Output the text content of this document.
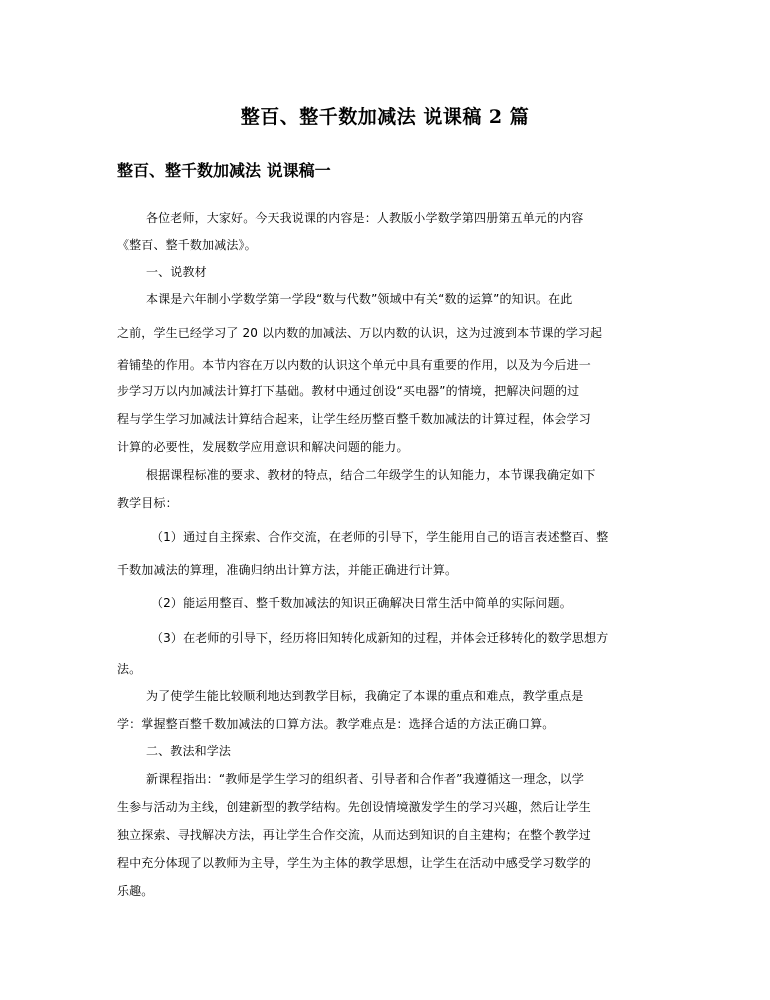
整百、整千数加减法 说课稿 2 篇
整百、整千数加减法 说课稿一
各位老师，大家好。今天我说课的内容是：人教版小学数学第四册第五单元的内容
《整百、整千数加减法》。
一、说教材
本课是六年制小学数学第一学段“数与代数”领域中有关“数的运算”的知识。在此
之前，学生已经学习了 20 以内数的加减法、万以内数的认识，这为过渡到本节课的学习起
着铺垫的作用。本节内容在万以内数的认识这个单元中具有重要的作用，以及为今后进一
步学习万以内加减法计算打下基础。教材中通过创设“买电器”的情境，把解决问题的过
程与学生学习加减法计算结合起来，让学生经历整百整千数加减法的计算过程，体会学习
计算的必要性，发展数学应用意识和解决问题的能力。
根据课程标准的要求、教材的特点，结合二年级学生的认知能力，本节课我确定如下
教学目标：
（1）通过自主探索、合作交流，在老师的引导下，学生能用自己的语言表述整百、整
千数加减法的算理，准确归纳出计算方法，并能正确进行计算。
（2）能运用整百、整千数加减法的知识正确解决日常生活中简单的实际问题。
（3）在老师的引导下，经历将旧知转化成新知的过程，并体会迁移转化的数学思想方
法。
为了使学生能比较顺利地达到教学目标，我确定了本课的重点和难点，教学重点是
学：掌握整百整千数加减法的口算方法。教学难点是：选择合适的方法正确口算。
二、教法和学法
新课程指出：“教师是学生学习的组织者、引导者和合作者”我遵循这一理念，以学
生参与活动为主线，创建新型的教学结构。先创设情境激发学生的学习兴趣，然后让学生
独立探索、寻找解决方法，再让学生合作交流，从而达到知识的自主建构；在整个教学过
程中充分体现了以教师为主导，学生为主体的教学思想，让学生在活动中感受学习数学的
乐趣。
